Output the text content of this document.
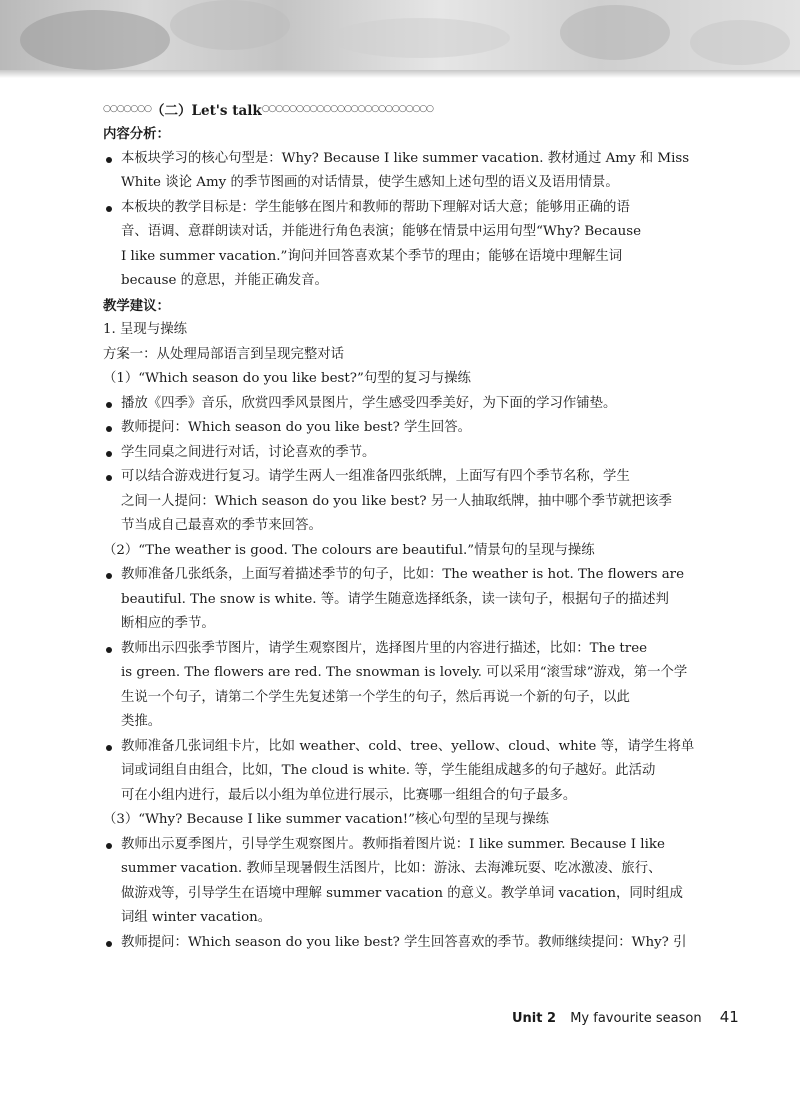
○○○○○○○ （二）Let's talk ○○○○○○○○○○○○○○○○○○○○○○○○○
内容分析：
本板块学习的核心句型是：Why? Because I like summer vacation. 教材通过 Amy 和 Miss
White 谈论 Amy 的季节图画的对话情景，使学生感知上述句型的语义及语用情景。
本板块的教学目标是：学生能够在图片和教师的帮助下理解对话大意；能够用正确的语
音、语调、意群朗读对话，并能进行角色表演；能够在情景中运用句型“Why? Because
I like summer vacation.”询问并回答喜欢某个季节的理由；能够在语境中理解生词
because 的意思，并能正确发音。
教学建议：
1. 呈现与操练
方案一：从处理局部语言到呈现完整对话
（1）“Which season do you like best?”句型的复习与操练
播放《四季》音乐，欣赏四季风景图片，学生感受四季美好，为下面的学习作铺垫。
教师提问：Which season do you like best? 学生回答。
学生同桌之间进行对话，讨论喜欢的季节。
可以结合游戏进行复习。请学生两人一组准备四张纸牌，上面写有四个季节名称，学生
之间一人提问：Which season do you like best? 另一人抽取纸牌，抽中哪个季节就把该季
节当成自己最喜欢的季节来回答。
（2）“The weather is good. The colours are beautiful.”情景句的呈现与操练
教师准备几张纸条，上面写着描述季节的句子，比如：The weather is hot. The flowers are
beautiful. The snow is white. 等。请学生随意选择纸条，读一读句子，根据句子的描述判
断相应的季节。
教师出示四张季节图片，请学生观察图片，选择图片里的内容进行描述，比如：The tree
is green. The flowers are red. The snowman is lovely. 可以采用“滚雪球”游戏，第一个学
生说一个句子，请第二个学生先复述第一个学生的句子，然后再说一个新的句子，以此
类推。
教师准备几张词组卡片，比如 weather、cold、tree、yellow、cloud、white 等，请学生将单
词或词组自由组合，比如，The cloud is white. 等，学生能组成越多的句子越好。此活动
可在小组内进行，最后以小组为单位进行展示，比赛哪一组组合的句子最多。
（3）“Why? Because I like summer vacation!”核心句型的呈现与操练
教师出示夏季图片，引导学生观察图片。教师指着图片说：I like summer. Because I like
summer vacation. 教师呈现暑假生活图片，比如：游泳、去海滩玩耍、吃冰激凌、旅行、
做游戏等，引导学生在语境中理解 summer vacation 的意义。教学单词 vacation，同时组成
词组 winter vacation。
教师提问：Which season do you like best? 学生回答喜欢的季节。教师继续提问：Why? 引
Unit 2 My favourite season 41
